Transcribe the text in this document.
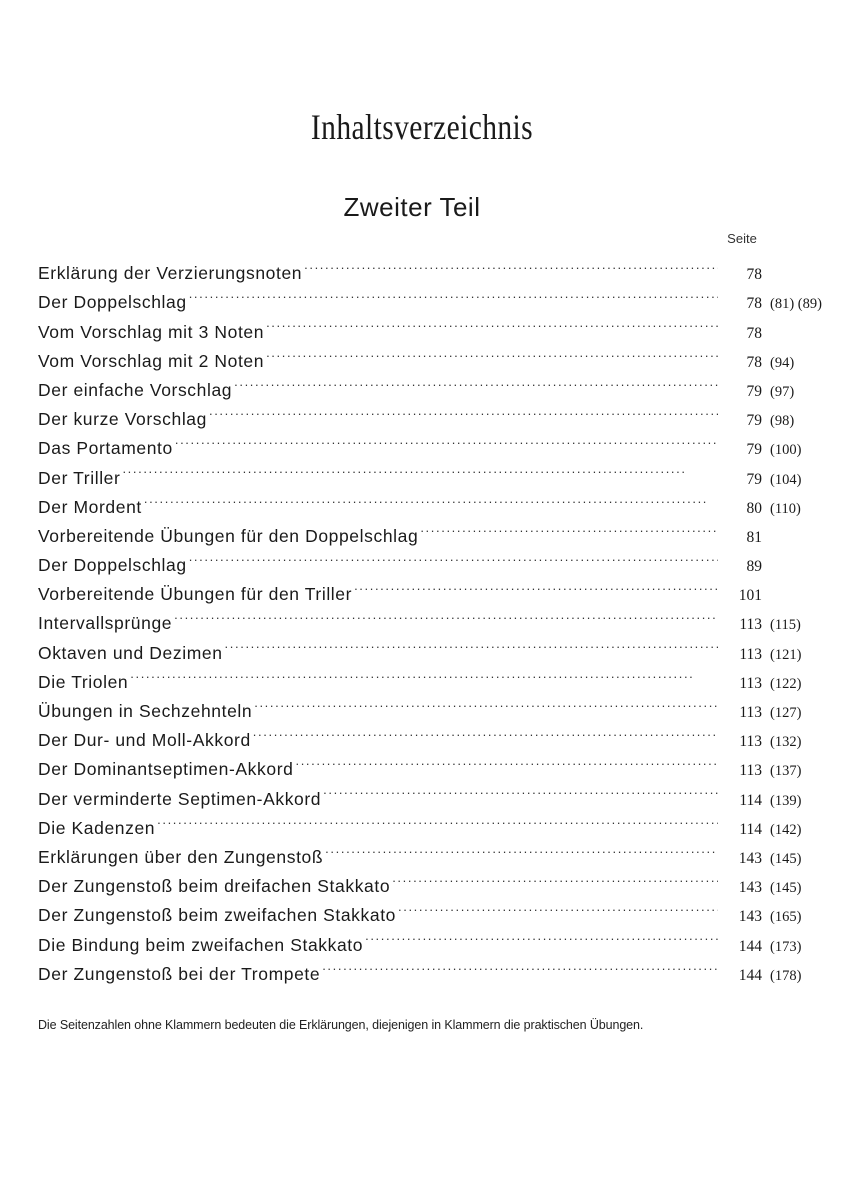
Inhaltsverzeichnis
Zweiter Teil
Seite
Erklärung der Verzierungsnoten . . .	78
Der Doppelschlag . . .	78 (81) (89)
Vom Vorschlag mit 3 Noten . . .	78
Vom Vorschlag mit 2 Noten . . .	78 (94)
Der einfache Vorschlag . . .	79 (97)
Der kurze Vorschlag . . .	79 (98)
Das Portamento . . .	79 (100)
Der Triller . . .	79 (104)
Der Mordent . . .	80 (110)
Vorbereitende Übungen für den Doppelschlag . . .	81
Der Doppelschlag . . .	89
Vorbereitende Übungen für den Triller . . .	101
Intervallsprünge . . .	113 (115)
Oktaven und Dezimen . . .	113 (121)
Die Triolen . . .	113 (122)
Übungen in Sechzehnteln . . .	113 (127)
Der Dur- und Moll-Akkord . . .	113 (132)
Der Dominantseptimen-Akkord . . .	113 (137)
Der verminderte Septimen-Akkord . . .	114 (139)
Die Kadenzen . . .	114 (142)
Erklärungen über den Zungenstoß . . .	143 (145)
Der Zungenstoß beim dreifachen Stakkato . . .	143 (145)
Der Zungenstoß beim zweifachen Stakkato . . .	143 (165)
Die Bindung beim zweifachen Stakkato . . .	144 (173)
Der Zungenstoß bei der Trompete . . .	144 (178)
Die Seitenzahlen ohne Klammern bedeuten die Erklärungen, diejenigen in Klammern die praktischen Übungen.
